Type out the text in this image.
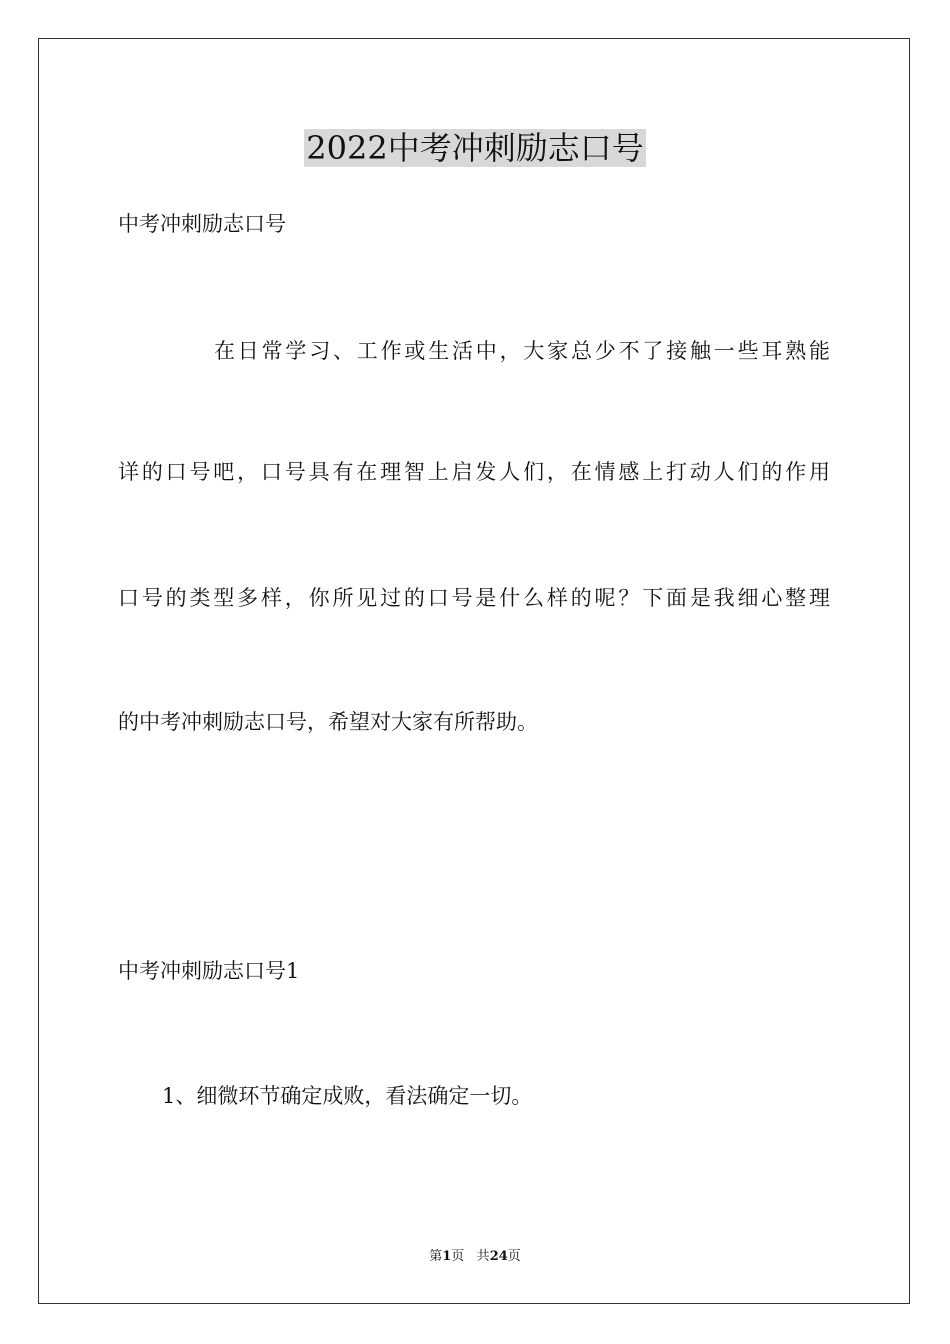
2022中考冲刺励志口号
中考冲刺励志口号
在日常学习、工作或生活中，大家总少不了接触一些耳熟能
详的口号吧，口号具有在理智上启发人们，在情感上打动人们的作用
口号的类型多样，你所见过的口号是什么样的呢？下面是我细心整理
的中考冲刺励志口号，希望对大家有所帮助。
中考冲刺励志口号1
1、细微环节确定成败，看法确定一切。
第1页 共24页
